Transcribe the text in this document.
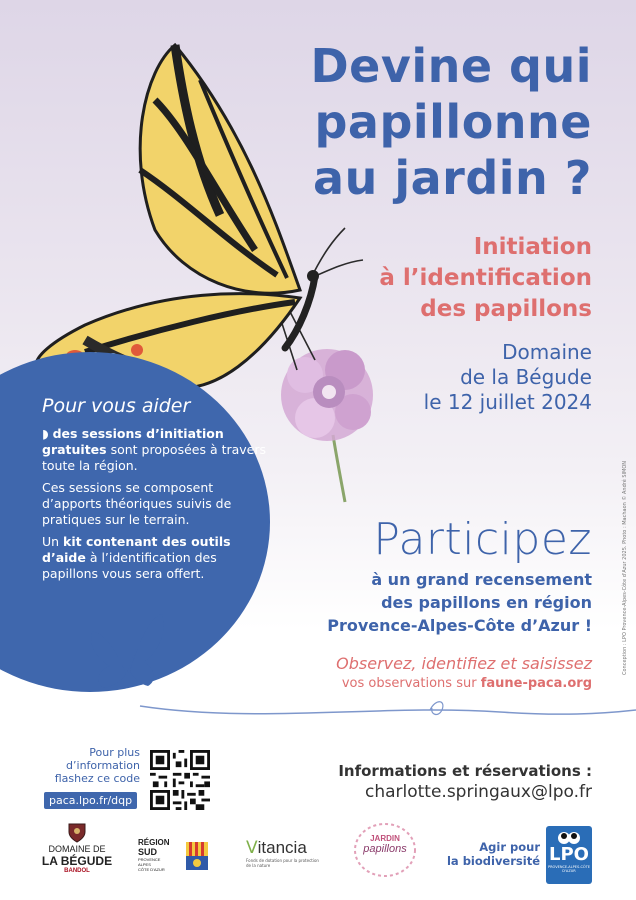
Devine qui
papillonne
au jardin ?
Initiation
à l’identification
des papillons
Domaine
de la Bégude
le 12 juillet 2024
Pour vous aider

◗ des sessions d’initiation gratuites sont proposées à travers toute la région.

Ces sessions se composent d’apports théoriques suivis de pratiques sur le terrain.

Un kit contenant des outils d’aide à l’identification des papillons vous sera offert.

Participez
à un grand recensement
des papillons en région
Provence-Alpes-Côte d’Azur !
Observez, identifiez et saisissez
vos observations sur faune-paca.org
Conception : LPO Provence-Alpes-Côte d'Azur 2025. Photo : Machaon © André SIMON
Pour plus
d’information
flashez ce code
paca.lpo.fr/dqp
Informations et réservations :
charlotte.springaux@lpo.fr
DOMAINE DE
LA BÉGUDE
BANDOL
RÉGION
SUD
PROVENCE
ALPES
CÔTE D'AZUR
Ⅴitancia
Fonds de dotation pour la protection de la nature
JARDIN
papillons	Agir pour
la biodiversité LPO
PROVENCE-ALPES-CÔTE D'AZUR
